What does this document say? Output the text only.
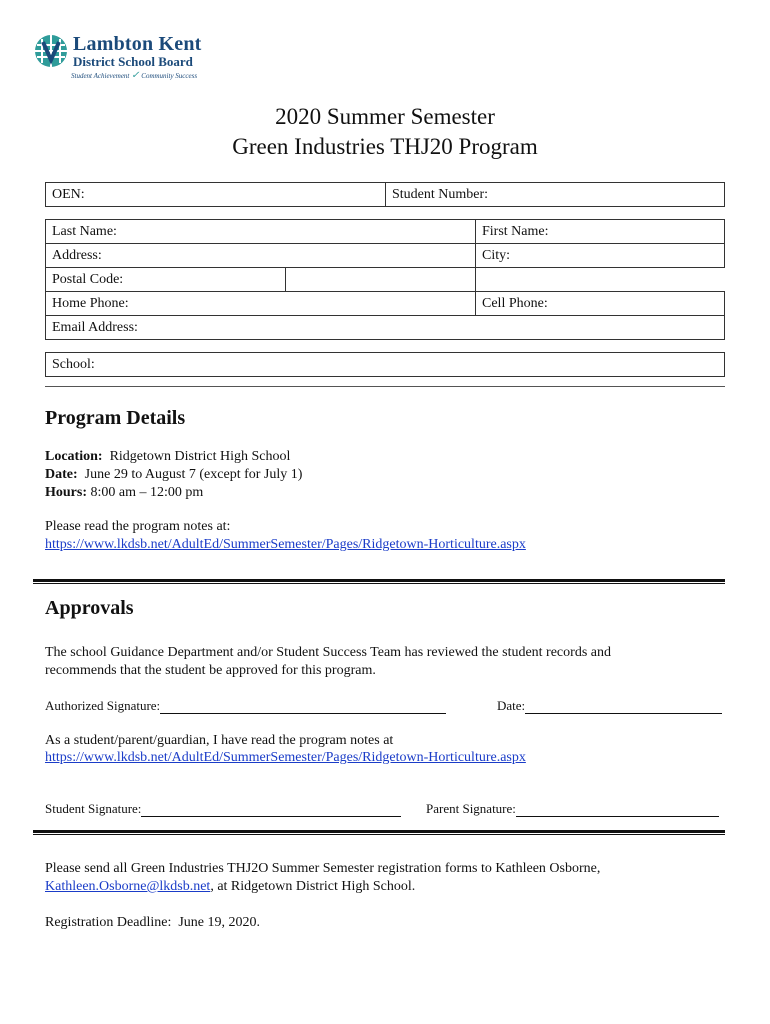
Lambton Kent
District School Board
Student Achievement ✓ Community Success
2020 Summer Semester
Green Industries THJ20 Program
OEN:	Student Number:
Last Name:		First Name:
Address:		City:
Postal Code:		
Home Phone:		Cell Phone:
Email Address:		
School:
Program Details
Location: Ridgetown District High School
Date: June 29 to August 7 (except for July 1)
Hours: 8:00 am – 12:00 pm
Please read the program notes at:
https://www.lkdsb.net/AdultEd/SummerSemester/Pages/Ridgetown-Horticulture.aspx
Approvals
The school Guidance Department and/or Student Success Team has reviewed the student records and
recommends that the student be approved for this program.
Authorized Signature:	Date:
As a student/parent/guardian, I have read the program notes at
https://www.lkdsb.net/AdultEd/SummerSemester/Pages/Ridgetown-Horticulture.aspx
Student Signature:	Parent Signature:
Please send all Green Industries THJ2O Summer Semester registration forms to Kathleen Osborne,
Kathleen.Osborne@lkdsb.net, at Ridgetown District High School.
Registration Deadline:  June 19, 2020.
